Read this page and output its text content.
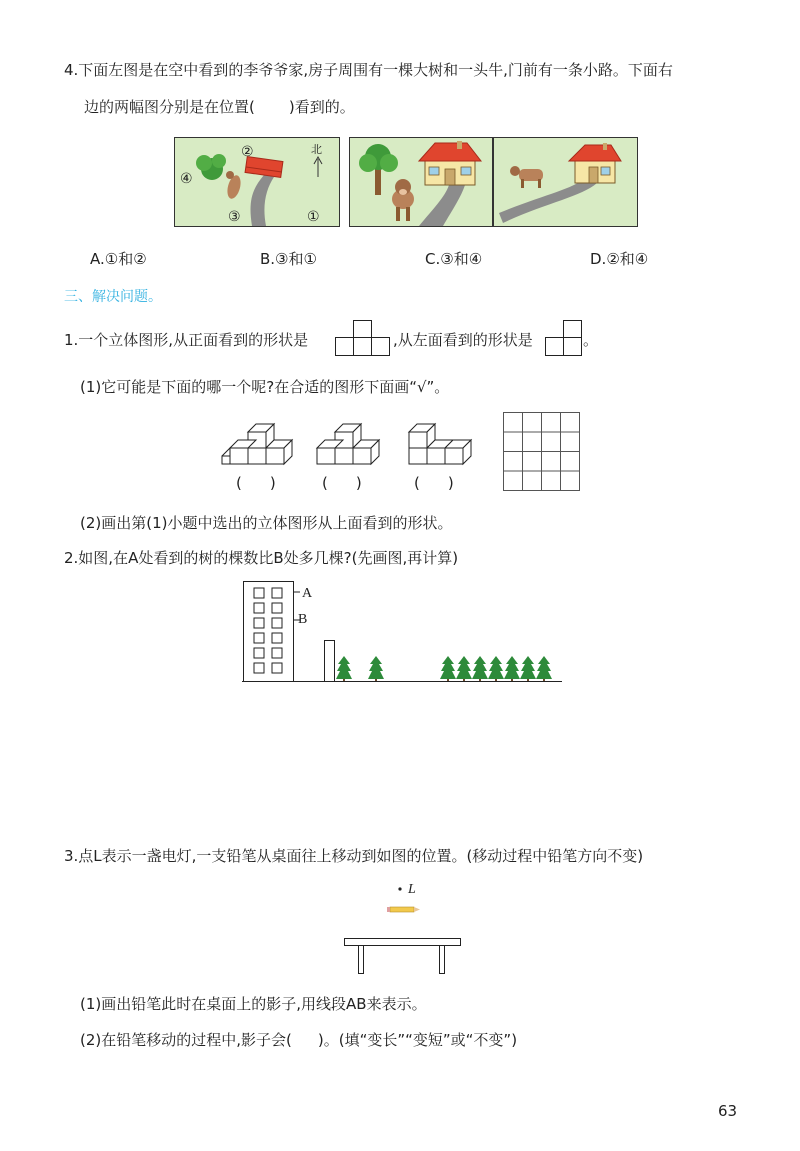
4.下面左图是在空中看到的李爷爷家,房子周围有一棵大树和一头牛,门前有一条小路。下面右
边的两幅图分别是在位置( )看到的。
北
④
②
③	①
A.①和②	B.③和①	C.③和④	D.②和④
三、解决问题。
1.一个立体图形,从正面看到的形状是	,从左面看到的形状是	。
(1)它可能是下面的哪一个呢?在合适的图形下面画“√”。
( )	( )	( )
(2)画出第(1)小题中选出的立体图形从上面看到的形状。
2.如图,在A处看到的树的棵数比B处多几棵?(先画图,再计算)
A
B
3.点L表示一盏电灯,一支铅笔从桌面往上移动到如图的位置。(移动过程中铅笔方向不变)
L
(1)画出铅笔此时在桌面上的影子,用线段AB来表示。
(2)在铅笔移动的过程中,影子会( )。(填“变长”“变短”或“不变”)
63
